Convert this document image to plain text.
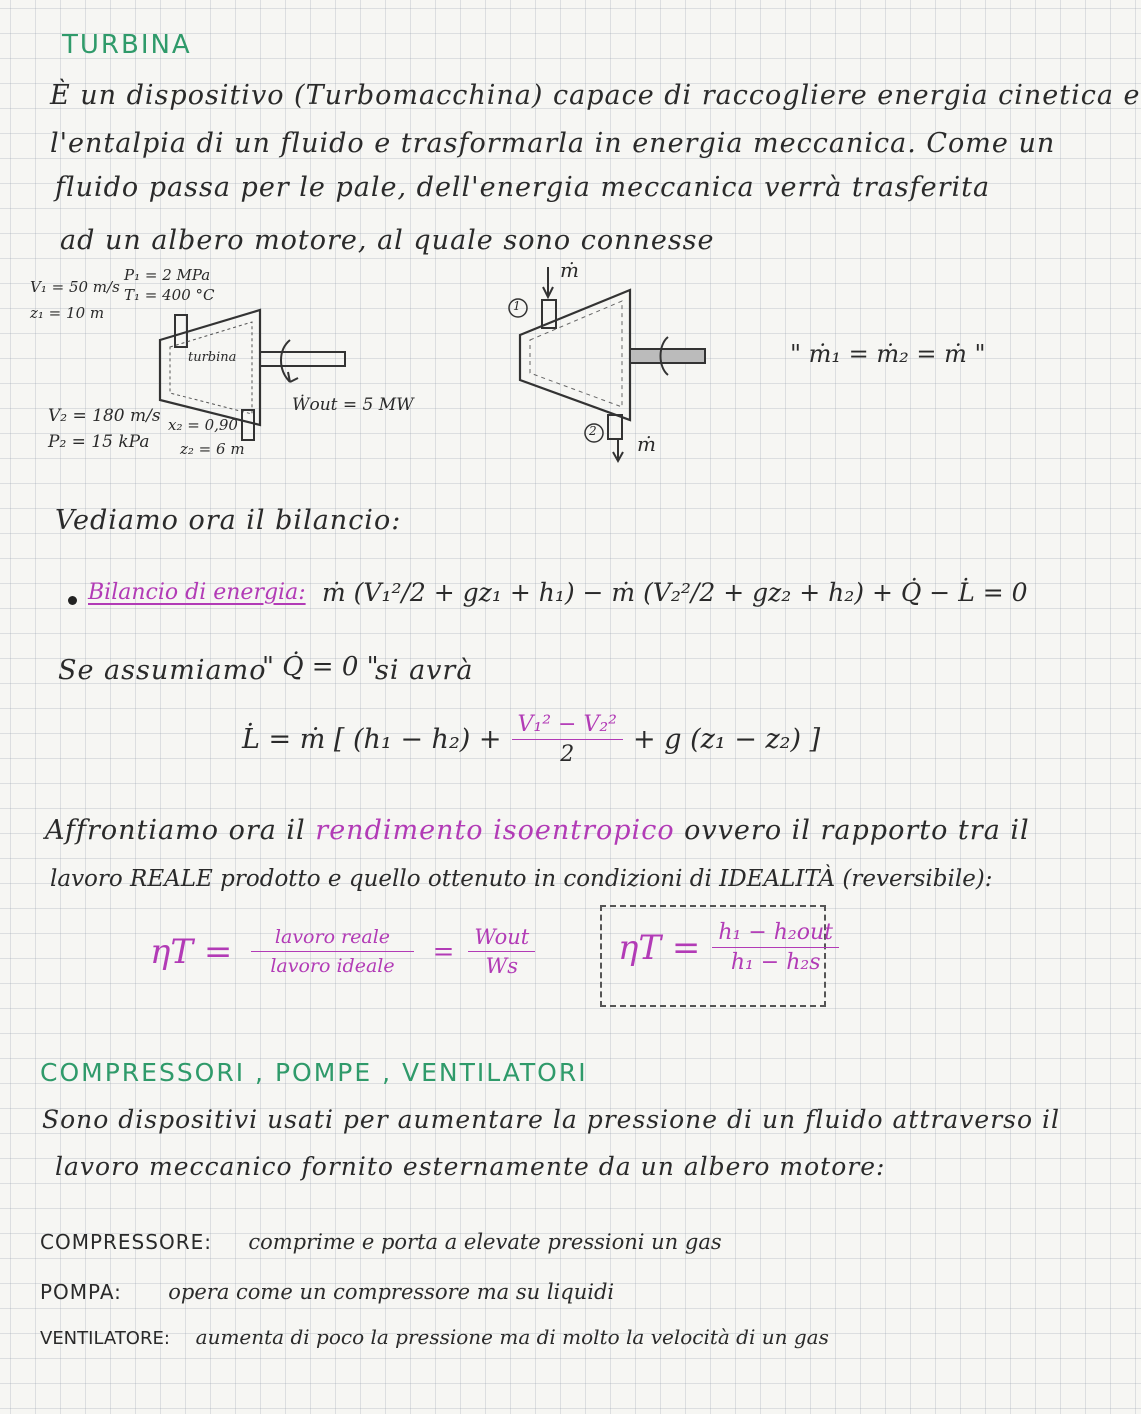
TURBINA
È un dispositivo (Turbomacchina) capace di raccogliere energia cinetica e
l'entalpia di un fluido e trasformarla in energia meccanica. Come un
fluido passa per le pale, dell'energia meccanica verrà trasferita
ad un albero motore, al quale sono connesse
V₁ = 50 m/s
P₁ = 2 MPa
T₁ = 400 °C
z₁ = 10 m
turbina
Ẇout = 5 MW
V₂ = 180 m/s
P₂ = 15 kPa
x₂ = 0,90
z₂ = 6 m
1
2
ṁ
ṁ
" ṁ₁ = ṁ₂ = ṁ "
Vediamo ora il bilancio:
Bilancio di energia: ṁ (V₁²/2 + gz₁ + h₁) − ṁ (V₂²/2 + gz₂ + h₂) + Q̇ − L̇ = 0
Se assumiamo
" Q̇ = 0 "
si avrà
L̇ = ṁ [ $(h_1 - h_2) + \frac{\text{V₁² − V₂²}}{2} + g$ (z₁ − z₂) ]
Affrontiamo ora il rendimento isoentropico ovvero il rapporto tra il
lavoro REALE prodotto e quello ottenuto in condizioni di IDEALITÀ (reversibile):
$\eta T = \frac{\text{lavoro reale}}{\text{lavoro ideale}} = \frac{\text{Wout}}{Ws}$ $\eta T = \frac{\text{h₁ − h₂out}}{\text{h₁ − h₂s}}$
COMPRESSORI , POMPE , VENTILATORI
Sono dispositivi usati per aumentare la pressione di un fluido attraverso il
lavoro meccanico fornito esternamente da un albero motore:
COMPRESSORE: comprime e porta a elevate pressioni un gas
POMPA: opera come un compressore ma su liquidi
VENTILATORE: aumenta di poco la pressione ma di molto la velocità di un gas
